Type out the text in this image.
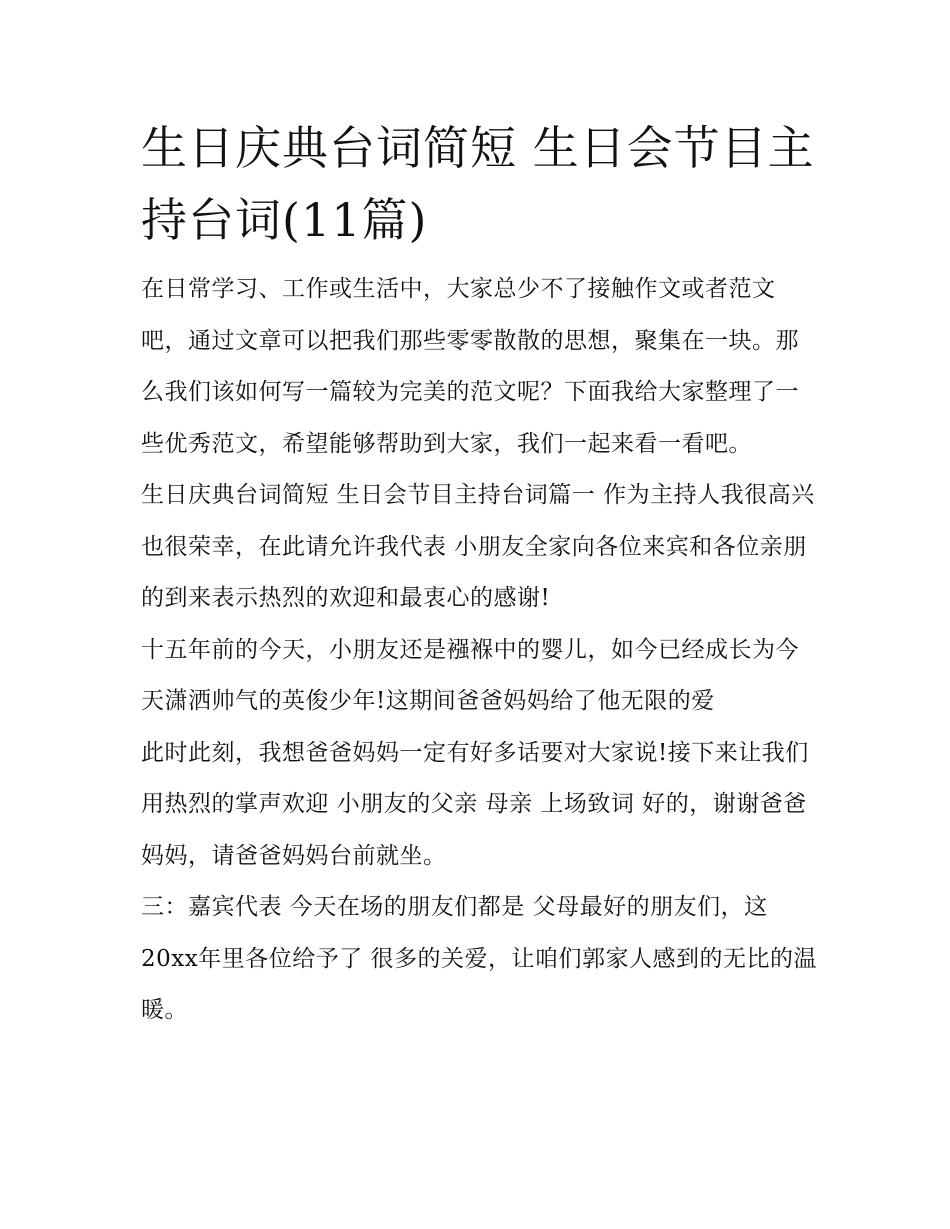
生日庆典台词简短 生日会节目主持台词(11篇)

在日常学习、工作或生活中，大家总少不了接触作文或者范文吧，通过文章可以把我们那些零零散散的思想，聚集在一块。那么我们该如何写一篇较为完美的范文呢？下面我给大家整理了一些优秀范文，希望能够帮助到大家，我们一起来看一看吧。

生日庆典台词简短 生日会节目主持台词篇一 作为主持人我很高兴也很荣幸，在此请允许我代表 小朋友全家向各位来宾和各位亲朋的到来表示热烈的欢迎和最衷心的感谢!

十五年前的今天，小朋友还是襁褓中的婴儿，如今已经成长为今天潇洒帅气的英俊少年!这期间爸爸妈妈给了他无限的爱

此时此刻，我想爸爸妈妈一定有好多话要对大家说!接下来让我们用热烈的掌声欢迎 小朋友的父亲 母亲 上场致词 好的，谢谢爸爸妈妈，请爸爸妈妈台前就坐。

三：嘉宾代表 今天在场的朋友们都是 父母最好的朋友们，这20xx年里各位给予了 很多的关爱，让咱们郭家人感到的无比的温暖。
